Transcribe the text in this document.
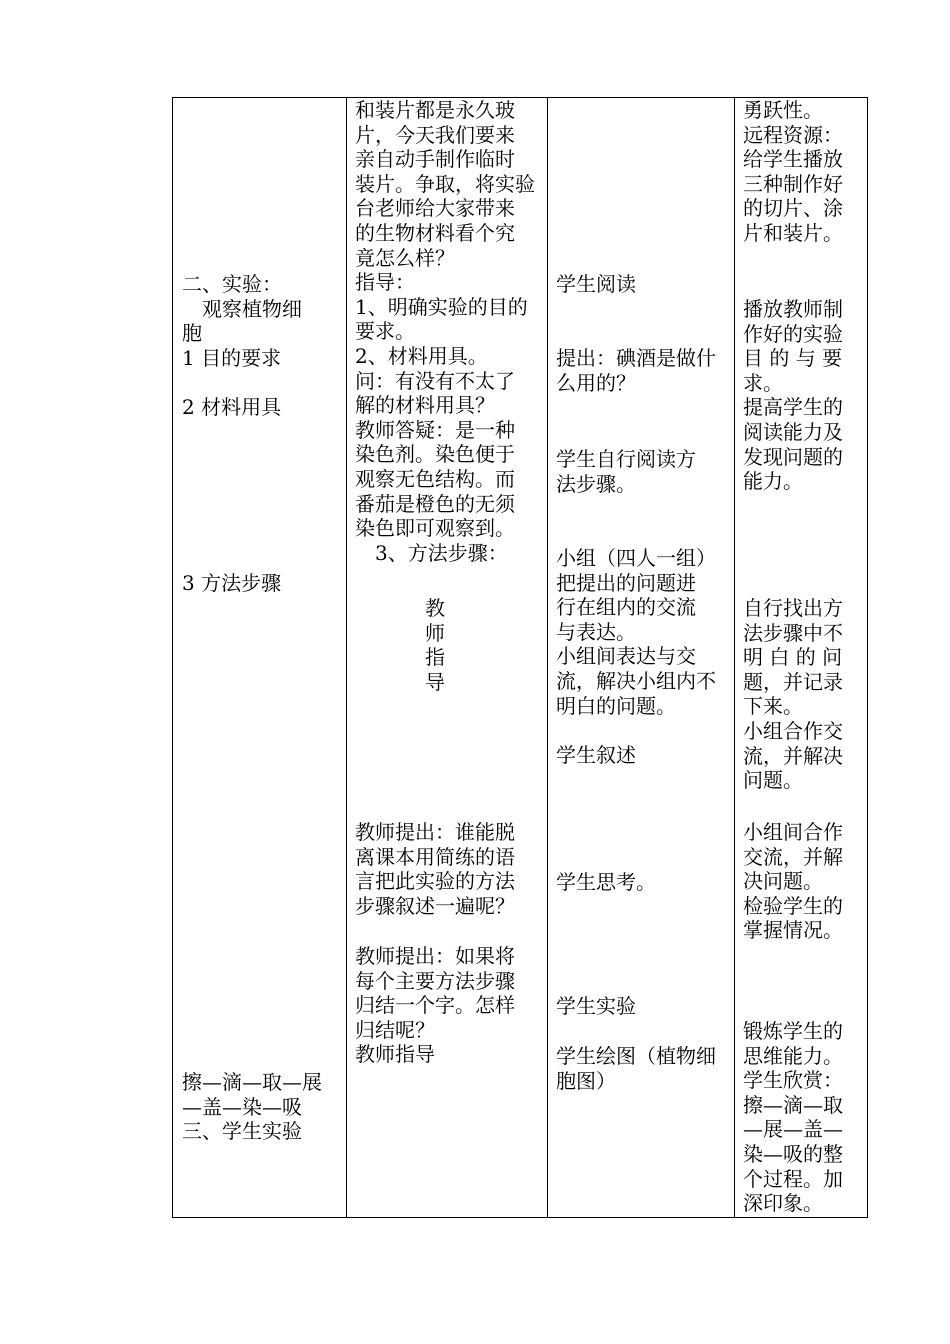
二、实验：
　观察植物细
胞
1 目的要求
2 材料用具
3 方法步骤
擦—滴—取—展
—盖—染—吸
三、学生实验
和装片都是永久玻
片，今天我们要来
亲自动手制作临时
装片。争取，将实验
台老师给大家带来
的生物材料看个究
竟怎么样？
指导：
1、明确实验的目的
要求。
2、材料用具。
问：有没有不太了
解的材料用具？
教师答疑：是一种
染色剂。染色便于
观察无色结构。而
番茄是橙色的无须
染色即可观察到。
　3、方法步骤：
教
师
指
导
教师提出：谁能脱
离课本用简练的语
言把此实验的方法
步骤叙述一遍呢？
教师提出：如果将
每个主要方法步骤
归结一个字。怎样
归结呢？
教师指导
学生阅读
提出：碘酒是做什
么用的？
学生自行阅读方
法步骤。
小组（四人一组）
把提出的问题进
行在组内的交流
与表达。
小组间表达与交
流，解决小组内不
明白的问题。
学生叙述
学生思考。
学生实验
学生绘图（植物细
胞图）
勇跃性。
远程资源：
给学生播放
三种制作好
的切片、涂
片和装片。
播放教师制
作好的实验
目 的 与 要
求。
提高学生的
阅读能力及
发现问题的
能力。
自行找出方
法步骤中不
明 白 的 问
题，并记录
下来。
小组合作交
流，并解决
问题。
小组间合作
交流，并解
决问题。
检验学生的
掌握情况。
锻炼学生的
思维能力。
学生欣赏：
擦—滴—取
—展—盖—
染—吸的整
个过程。加
深印象。
